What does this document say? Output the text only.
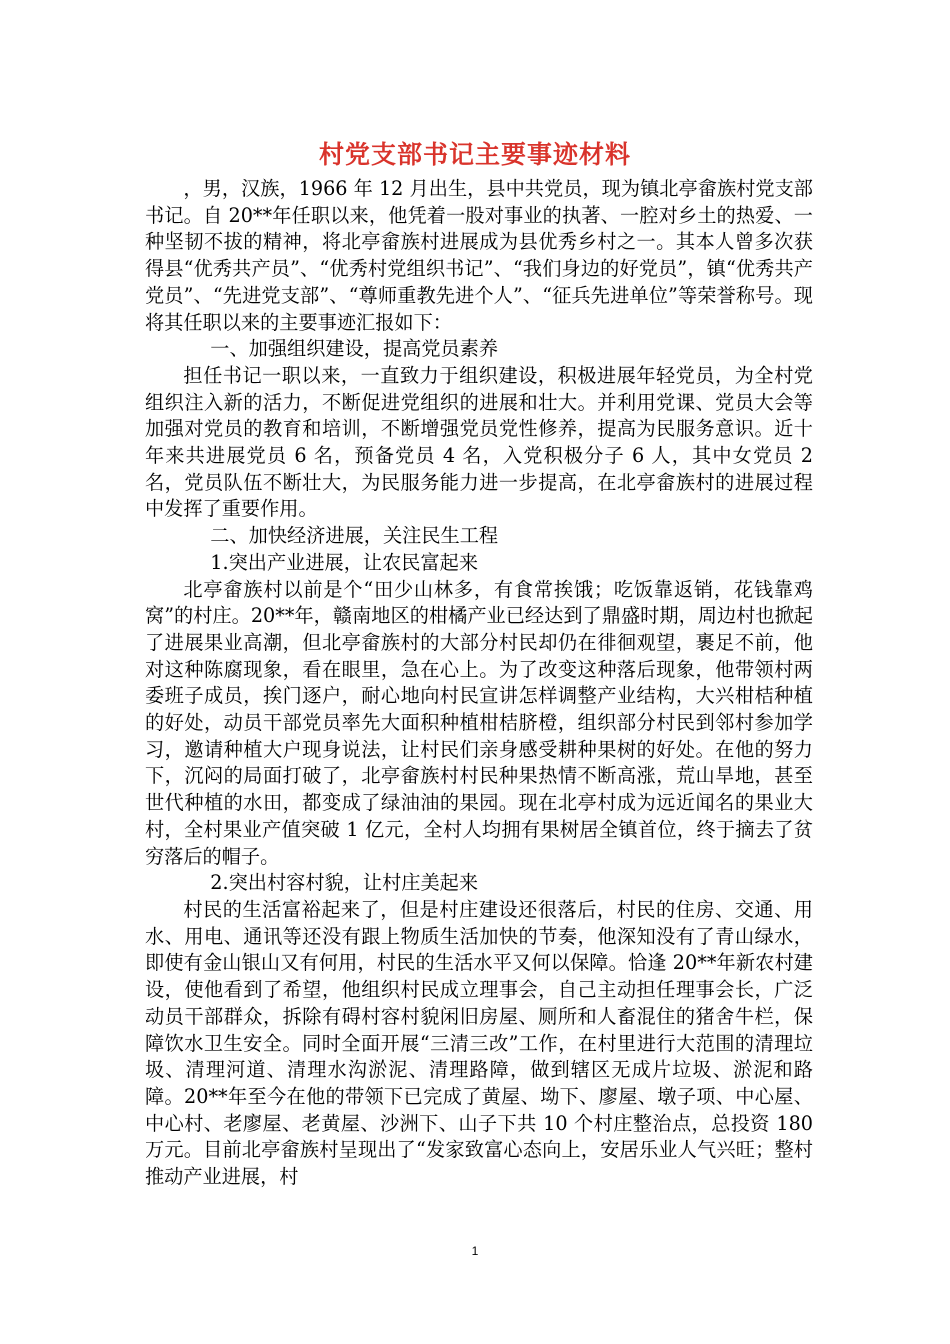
村党支部书记主要事迹材料

，男，汉族，1966 年 12 月出生，县中共党员，现为镇北亭畲族村党支部书记。自 20**年任职以来，他凭着一股对事业的执著、一腔对乡土的热爱、一种坚韧不拔的精神，将北亭畲族村进展成为县优秀乡村之一。其本人曾多次获得县“优秀共产员”、“优秀村党组织书记”、“我们身边的好党员”，镇“优秀共产党员”、“先进党支部”、“尊师重教先进个人”、“征兵先进单位”等荣誉称号。现将其任职以来的主要事迹汇报如下：

一、加强组织建设，提高党员素养

担任书记一职以来，一直致力于组织建设，积极进展年轻党员，为全村党组织注入新的活力，不断促进党组织的进展和壮大。并利用党课、党员大会等加强对党员的教育和培训，不断增强党员党性修养，提高为民服务意识。近十年来共进展党员 6 名，预备党员 4 名，入党积极分子 6 人，其中女党员 2 名，党员队伍不断壮大，为民服务能力进一步提高，在北亭畲族村的进展过程中发挥了重要作用。

二、加快经济进展，关注民生工程

1.突出产业进展，让农民富起来

北亭畲族村以前是个“田少山林多，有食常挨饿；吃饭靠返销，花钱靠鸡窝”的村庄。20**年，赣南地区的柑橘产业已经达到了鼎盛时期，周边村也掀起了进展果业高潮，但北亭畲族村的大部分村民却仍在徘徊观望，裹足不前，他对这种陈腐现象，看在眼里，急在心上。为了改变这种落后现象，他带领村两委班子成员，挨门逐户，耐心地向村民宣讲怎样调整产业结构，大兴柑桔种植的好处，动员干部党员率先大面积种植柑桔脐橙，组织部分村民到邻村参加学习，邀请种植大户现身说法，让村民们亲身感受耕种果树的好处。在他的努力下，沉闷的局面打破了，北亭畲族村村民种果热情不断高涨，荒山旱地，甚至世代种植的水田，都变成了绿油油的果园。现在北亭村成为远近闻名的果业大村，全村果业产值突破 1 亿元，全村人均拥有果树居全镇首位，终于摘去了贫穷落后的帽子。

2.突出村容村貌，让村庄美起来

村民的生活富裕起来了，但是村庄建设还很落后，村民的住房、交通、用水、用电、通讯等还没有跟上物质生活加快的节奏，他深知没有了青山绿水，即使有金山银山又有何用，村民的生活水平又何以保障。恰逢 20**年新农村建设，使他看到了希望，他组织村民成立理事会，自己主动担任理事会长，广泛动员干部群众，拆除有碍村容村貌闲旧房屋、厕所和人畜混住的猪舍牛栏，保障饮水卫生安全。同时全面开展“三清三改”工作，在村里进行大范围的清理垃圾、清理河道、清理水沟淤泥、清理路障，做到辖区无成片垃圾、淤泥和路障。20**年至今在他的带领下已完成了黄屋、坳下、廖屋、墩子项、中心屋、中心村、老廖屋、老黄屋、沙洲下、山子下共 10 个村庄整治点，总投资 180 万元。目前北亭畲族村呈现出了“发家致富心态向上，安居乐业人气兴旺；整村推动产业进展，村

1
